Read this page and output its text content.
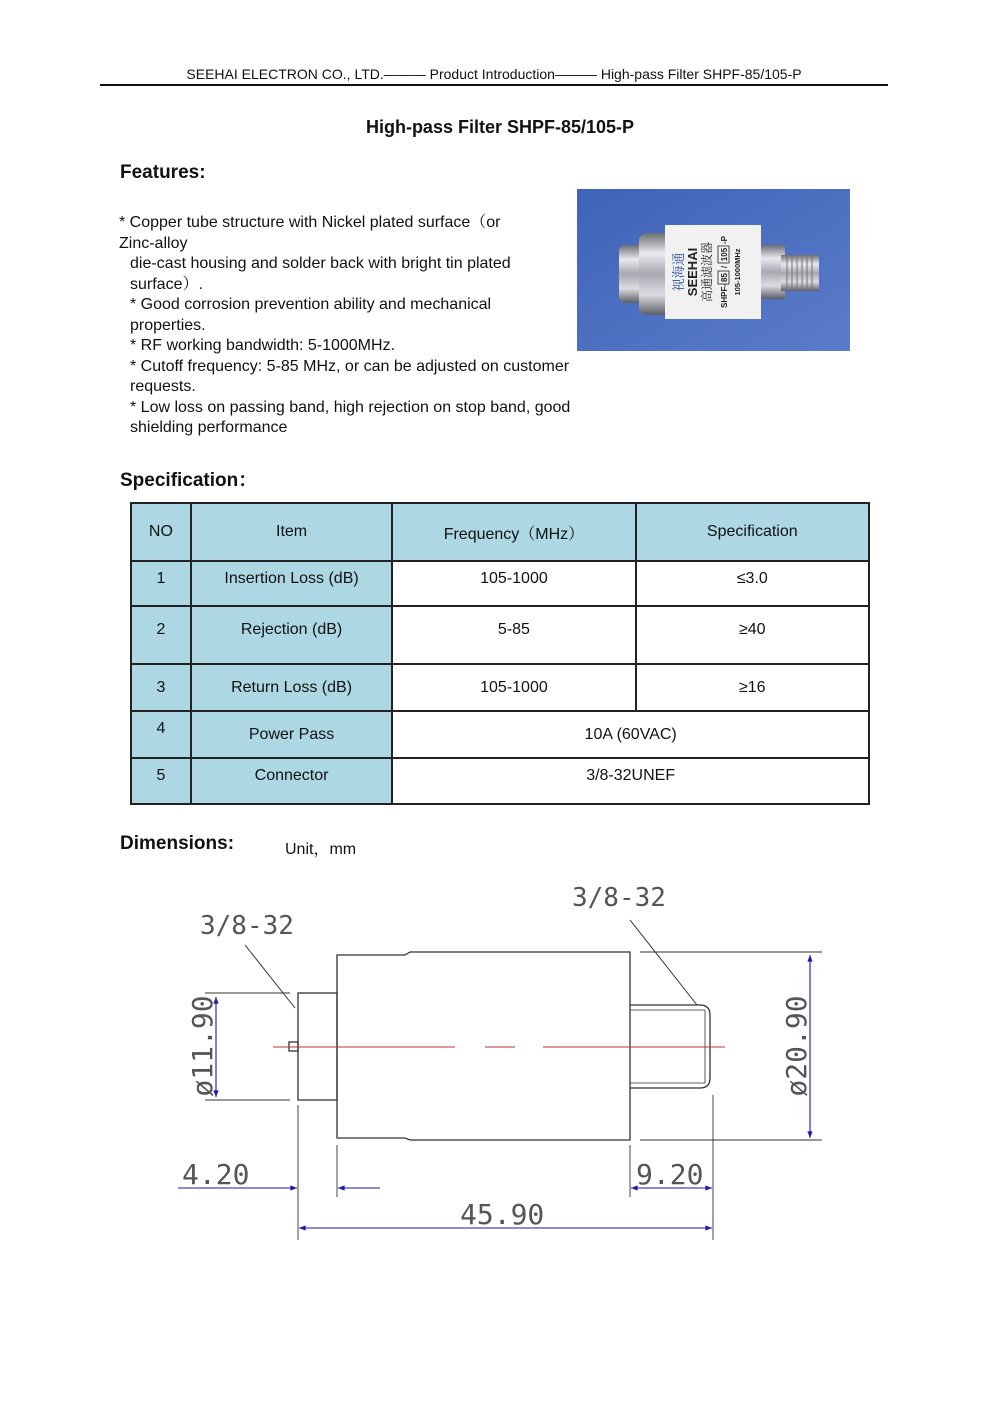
SEEHAI ELECTRON CO., LTD.——— Product Introduction——— High-pass Filter SHPF-85/105-P
High-pass Filter SHPF-85/105-P
Features:
* Copper tube structure with Nickel plated surface（or
Zinc-alloy
die-cast housing and solder back with bright tin plated
surface）.
* Good corrosion prevention ability and mechanical
properties.
* RF working bandwidth: 5-1000MHz.
* Cutoff frequency: 5-85 MHz, or can be adjusted on customer
requests.
* Low loss on passing band, high rejection on stop band, good
shielding performance
视海通 SEEHAI 高通滤波器 SHPF-
85
/
105
-P
105-1000MHz
Specification：
NO	Item	Frequency（MHz）	Specification
1	Insertion Loss (dB)	105-1000	≤3.0
2	Rejection (dB)	5-85	≥40
3	Return Loss (dB)	105-1000	≥16
4	Power Pass	10A (60VAC)	
5	Connector	3/8-32UNEF	
Dimensions:	Unit，mm
3/8-32
3/8-32
4.20	9.20
45.90
ø11.90	ø20.90
